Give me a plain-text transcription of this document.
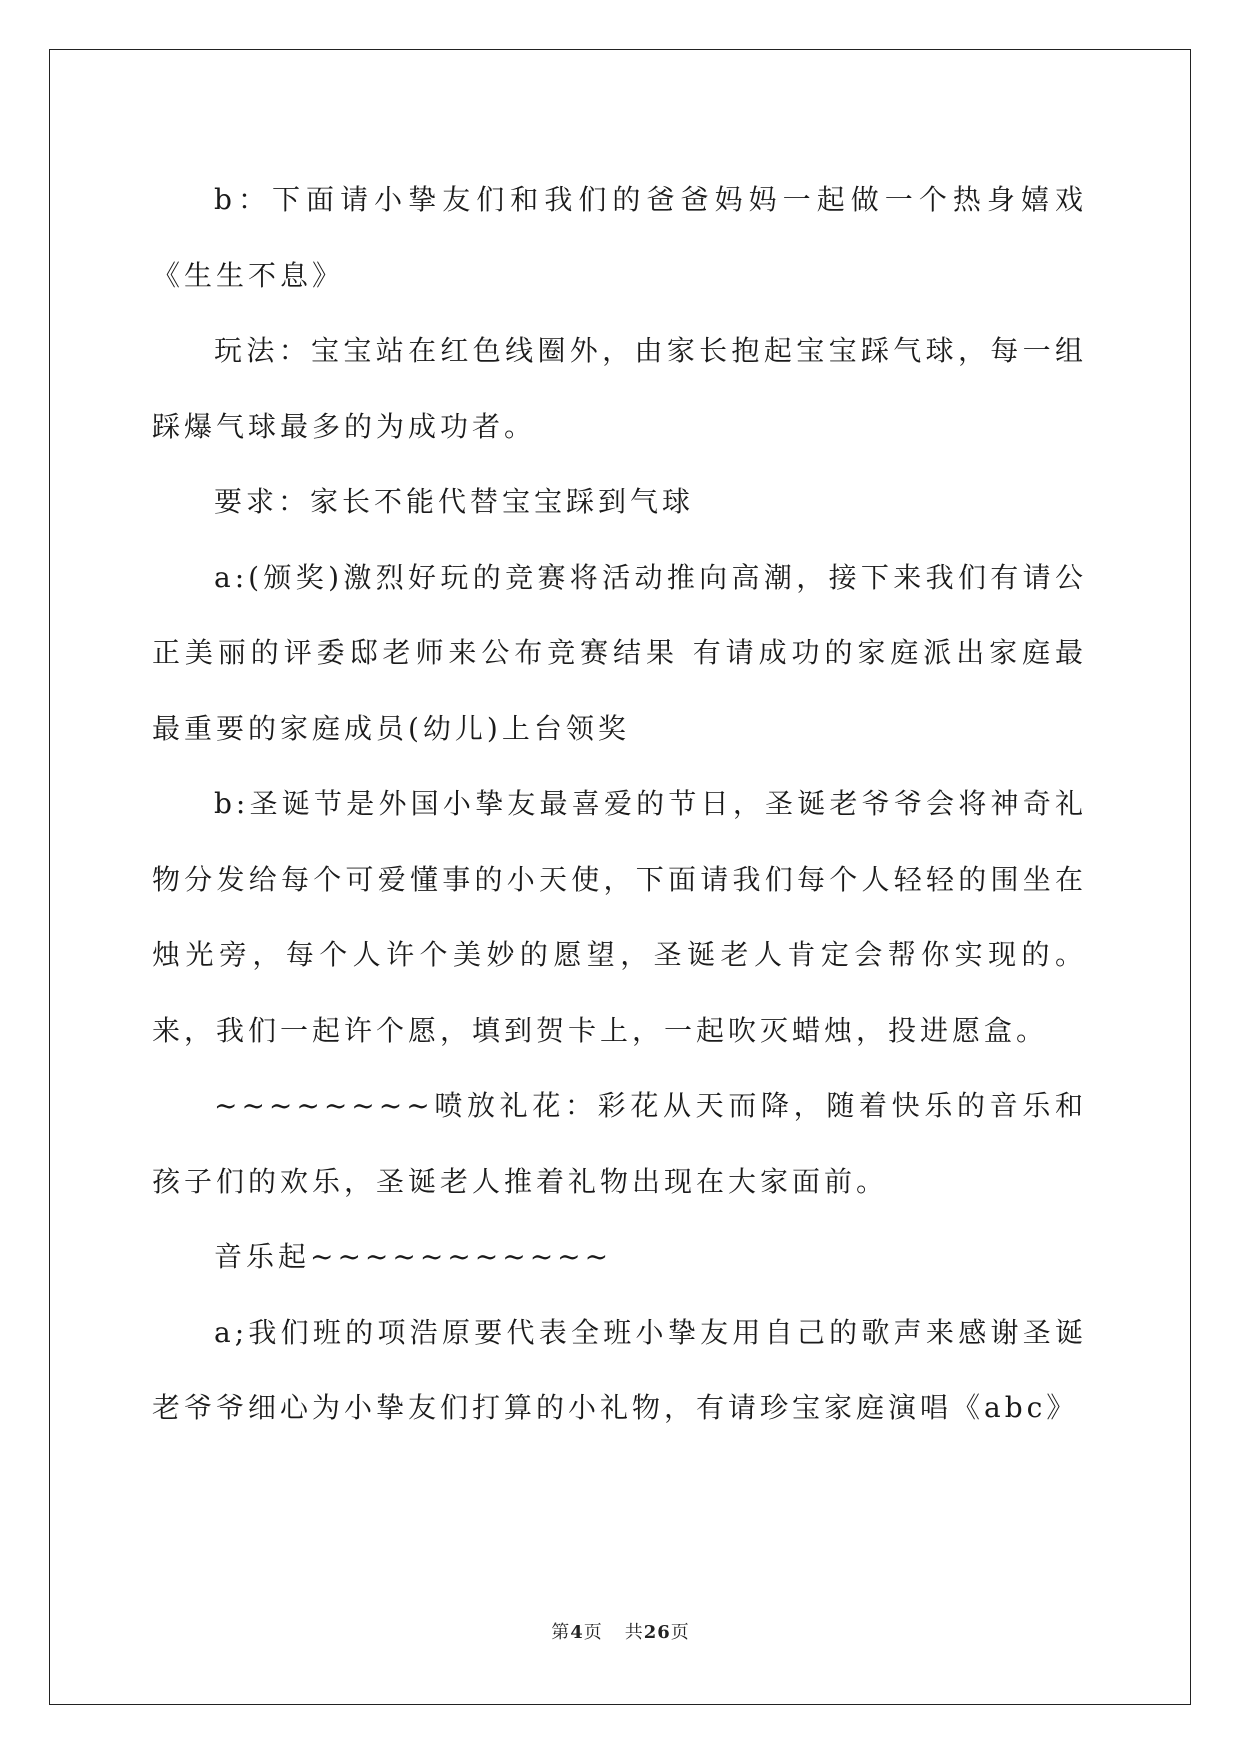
b：下面请小挚友们和我们的爸爸妈妈一起做一个热身嬉戏《生生不息》

玩法：宝宝站在红色线圈外，由家长抱起宝宝踩气球，每一组踩爆气球最多的为成功者。

要求：家长不能代替宝宝踩到气球

a:(颁奖)激烈好玩的竞赛将活动推向高潮，接下来我们有请公正美丽的评委邸老师来公布竞赛结果 有请成功的家庭派出家庭最最重要的家庭成员(幼儿)上台领奖

b:圣诞节是外国小挚友最喜爱的节日，圣诞老爷爷会将神奇礼物分发给每个可爱懂事的小天使，下面请我们每个人轻轻的围坐在烛光旁，每个人许个美妙的愿望，圣诞老人肯定会帮你实现的。来，我们一起许个愿，填到贺卡上，一起吹灭蜡烛，投进愿盒。

~~~~~~~~喷放礼花：彩花从天而降，随着快乐的音乐和孩子们的欢乐，圣诞老人推着礼物出现在大家面前。

音乐起~~~~~~~~~~~

a;我们班的项浩原要代表全班小挚友用自己的歌声来感谢圣诞老爷爷细心为小挚友们打算的小礼物，有请珍宝家庭演唱《abc》

第4页 共26页
